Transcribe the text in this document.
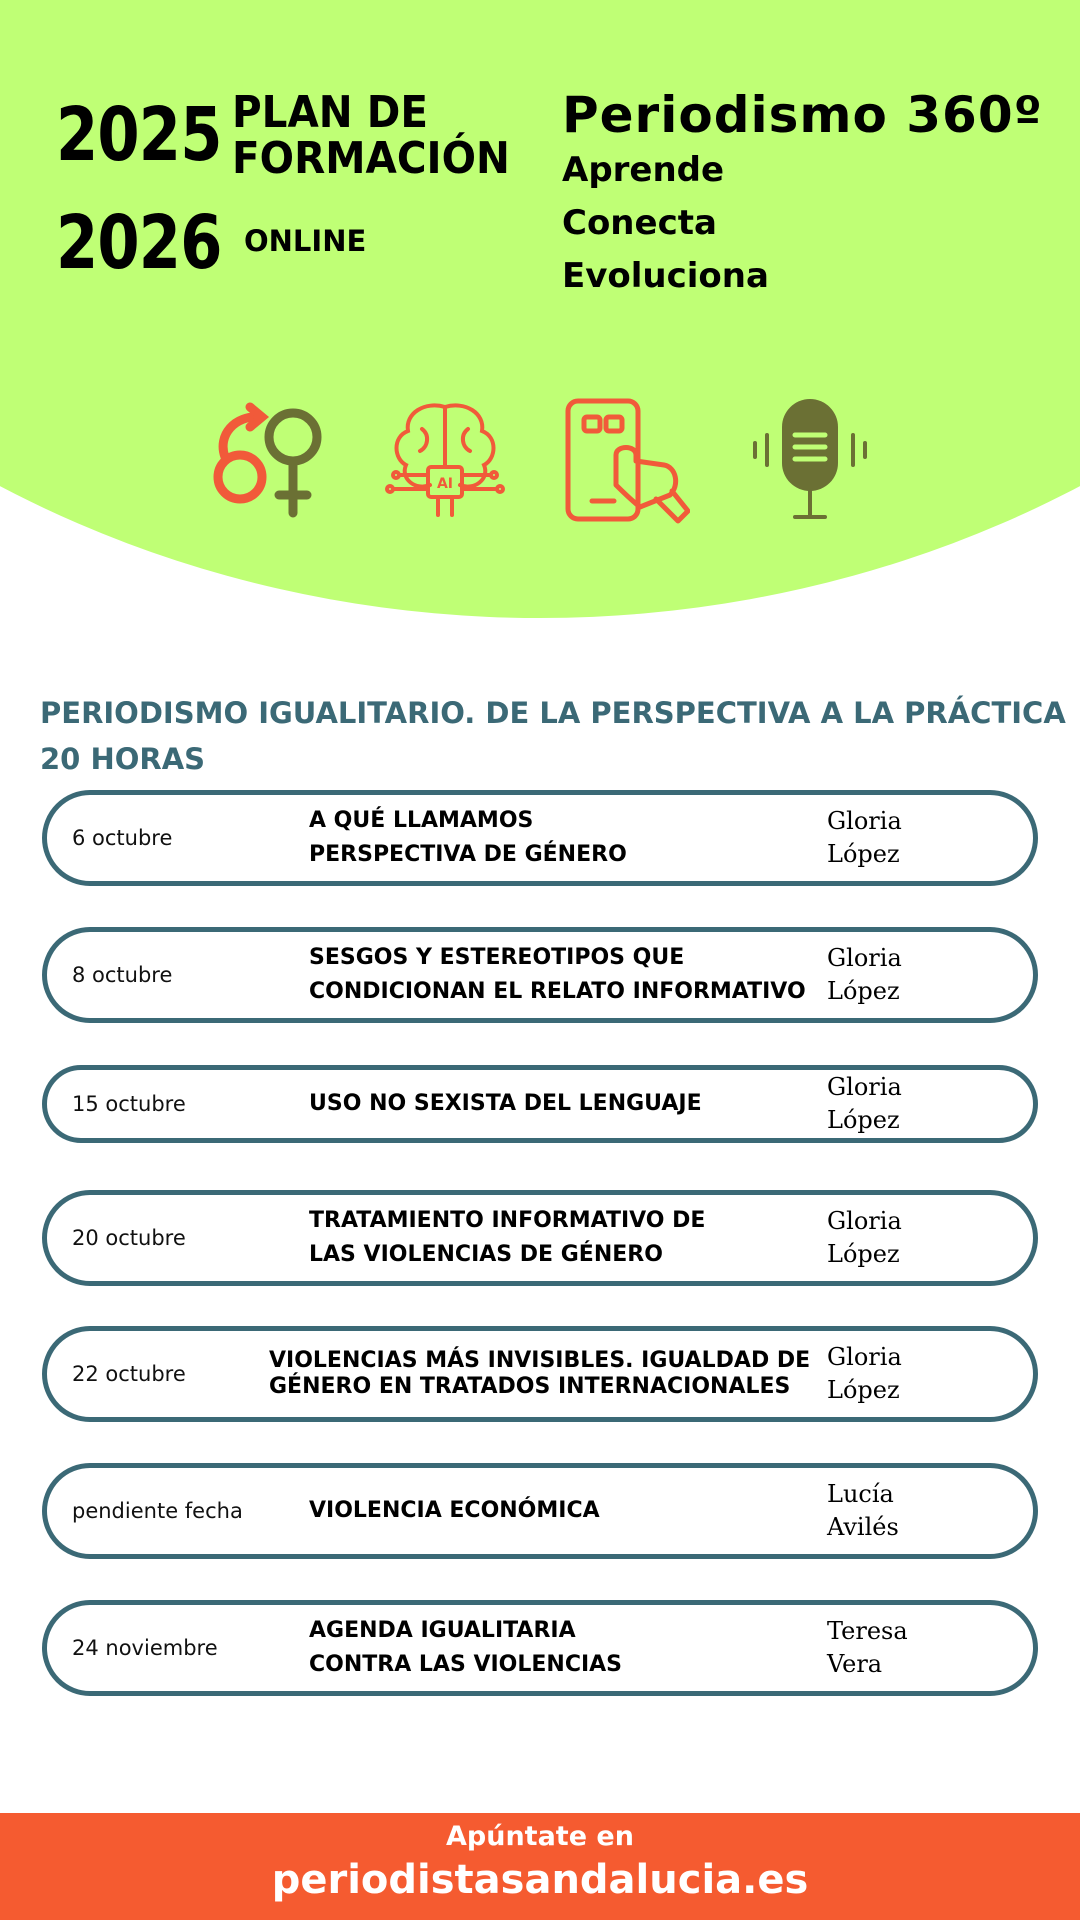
2025
2026
PLAN DE
FORMACIÓN
ONLINE
Periodismo 360º
Aprende
Conecta
Evoluciona
AI
PERIODISMO IGUALITARIO. DE LA PERSPECTIVA A LA PRÁCTICA
20 HORAS
6 octubre
A QUÉ LLAMAMOS
PERSPECTIVA DE GÉNERO
Gloria
López
8 octubre
SESGOS Y ESTEREOTIPOS QUE
CONDICIONAN EL RELATO INFORMATIVO
Gloria
López
15 octubre	USO NO SEXISTA DEL LENGUAJE
Gloria
López
20 octubre
TRATAMIENTO INFORMATIVO DE
LAS VIOLENCIAS DE GÉNERO
Gloria
López
22 octubre
VIOLENCIAS MÁS INVISIBLES. IGUALDAD DE
GÉNERO EN TRATADOS INTERNACIONALES
Gloria
López
pendiente fecha	VIOLENCIA ECONÓMICA
Lucía
Avilés
24 noviembre
AGENDA IGUALITARIA
CONTRA LAS VIOLENCIAS
Teresa
Vera
Apúntate en
periodistasandalucia.es
